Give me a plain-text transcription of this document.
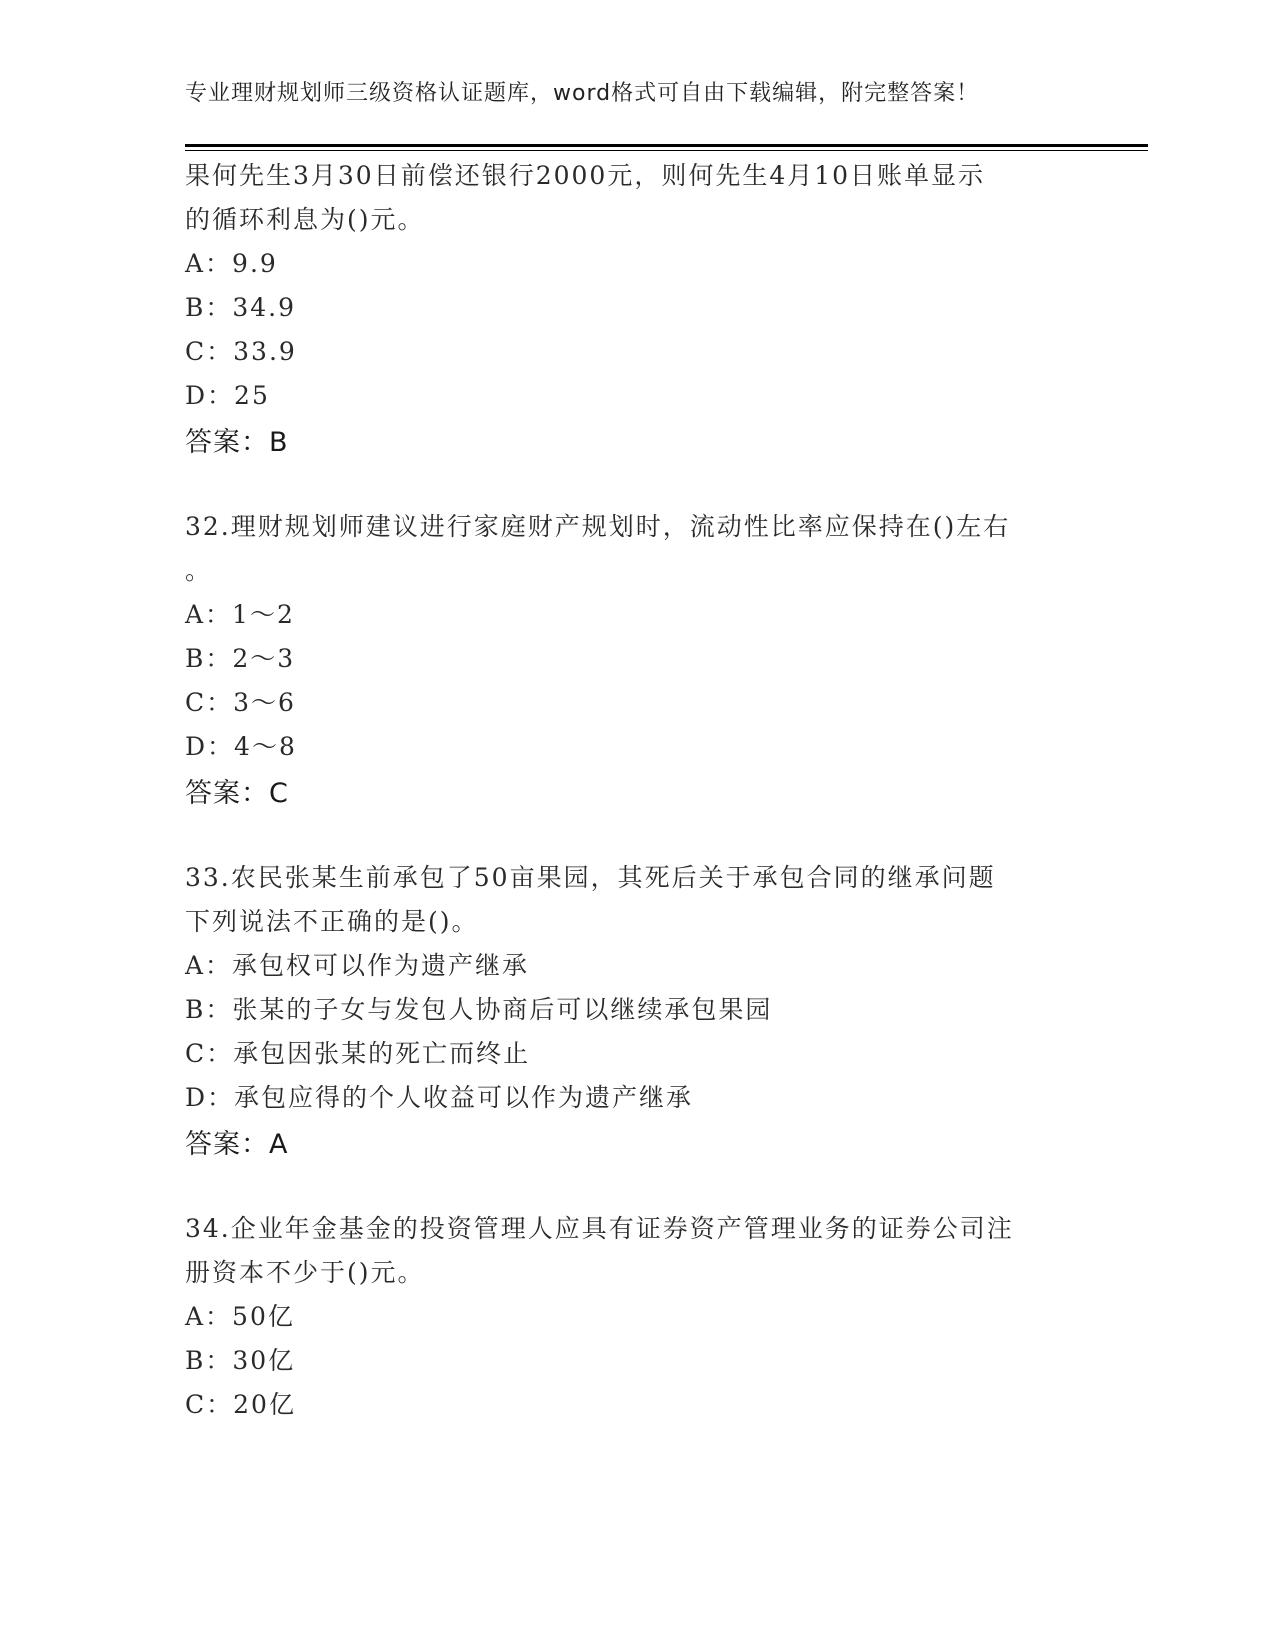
专业理财规划师三级资格认证题库，word格式可自由下载编辑，附完整答案！
果何先生3月30日前偿还银行2000元，则何先生4月10日账单显示
的循环利息为()元。
A：9.9
B：34.9
C：33.9
D：25
答案：B
32.理财规划师建议进行家庭财产规划时，流动性比率应保持在()左右
。
A：1～2
B：2～3
C：3～6
D：4～8
答案：C
33.农民张某生前承包了50亩果园，其死后关于承包合同的继承问题
下列说法不正确的是()。
A：承包权可以作为遗产继承
B：张某的子女与发包人协商后可以继续承包果园
C：承包因张某的死亡而终止
D：承包应得的个人收益可以作为遗产继承
答案：A
34.企业年金基金的投资管理人应具有证券资产管理业务的证券公司注
册资本不少于()元。
A：50亿
B：30亿
C：20亿
